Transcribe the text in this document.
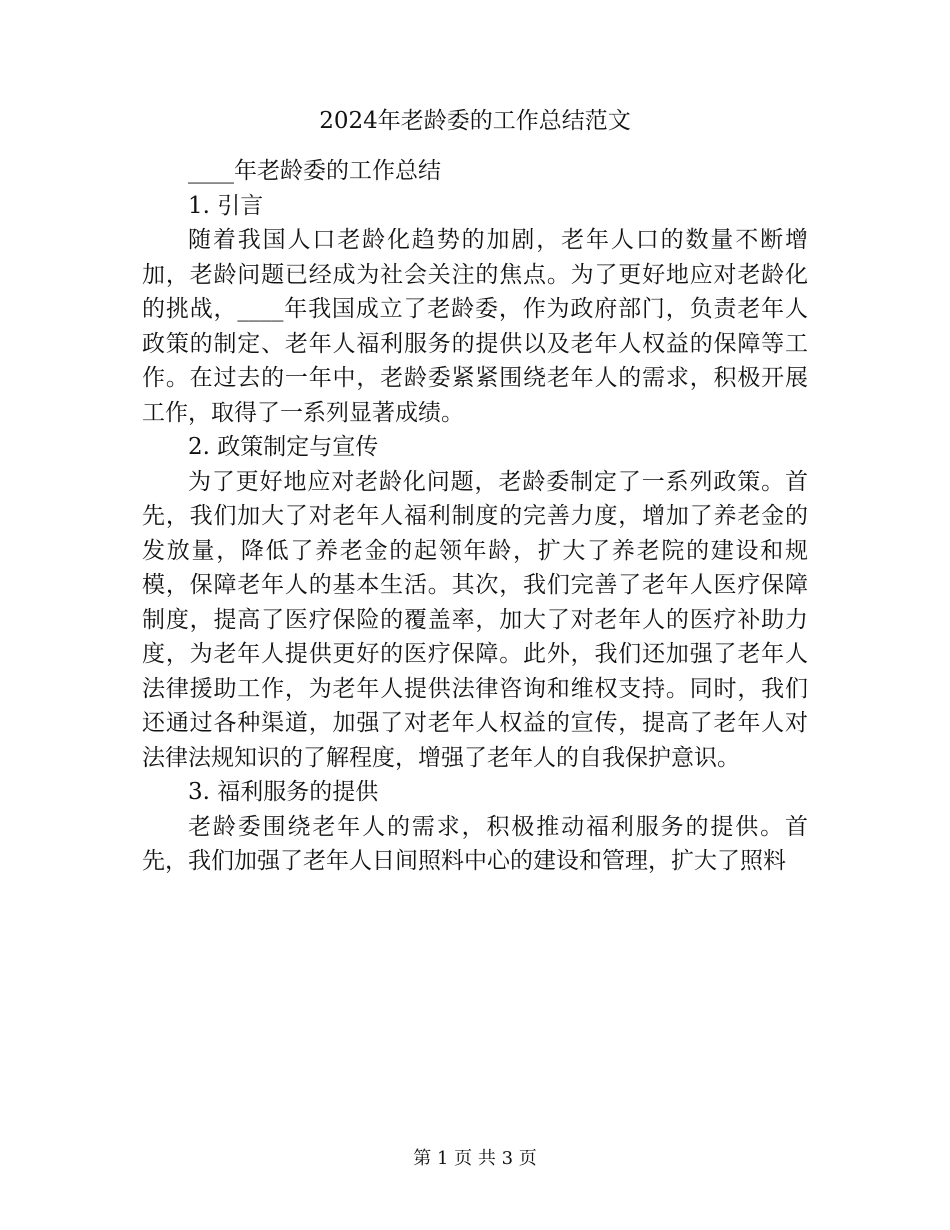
2024年老龄委的工作总结范文

____年老龄委的工作总结

1. 引言

随着我国人口老龄化趋势的加剧，老年人口的数量不断增加，老龄问题已经成为社会关注的焦点。为了更好地应对老龄化的挑战，____年我国成立了老龄委，作为政府部门，负责老年人政策的制定、老年人福利服务的提供以及老年人权益的保障等工作。在过去的一年中，老龄委紧紧围绕老年人的需求，积极开展工作，取得了一系列显著成绩。

2. 政策制定与宣传

为了更好地应对老龄化问题，老龄委制定了一系列政策。首先，我们加大了对老年人福利制度的完善力度，增加了养老金的发放量，降低了养老金的起领年龄，扩大了养老院的建设和规模，保障老年人的基本生活。其次，我们完善了老年人医疗保障制度，提高了医疗保险的覆盖率，加大了对老年人的医疗补助力度，为老年人提供更好的医疗保障。此外，我们还加强了老年人法律援助工作，为老年人提供法律咨询和维权支持。同时，我们还通过各种渠道，加强了对老年人权益的宣传，提高了老年人对法律法规知识的了解程度，增强了老年人的自我保护意识。

3. 福利服务的提供

老龄委围绕老年人的需求，积极推动福利服务的提供。首先，我们加强了老年人日间照料中心的建设和管理，扩大了照料

第 1 页 共 3 页
